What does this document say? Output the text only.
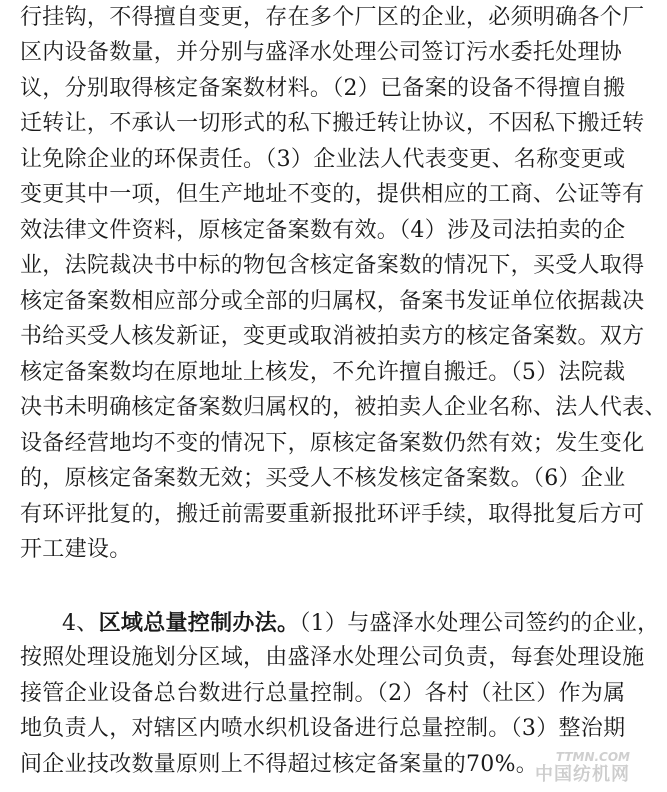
行挂钩，不得擅自变更，存在多个厂区的企业，必须明确各个厂
区内设备数量，并分别与盛泽水处理公司签订污水委托处理协
议，分别取得核定备案数材料。（2）已备案的设备不得擅自搬
迁转让，不承认一切形式的私下搬迁转让协议，不因私下搬迁转
让免除企业的环保责任。（3）企业法人代表变更、名称变更或
变更其中一项，但生产地址不变的，提供相应的工商、公证等有
效法律文件资料，原核定备案数有效。（4）涉及司法拍卖的企
业，法院裁决书中标的物包含核定备案数的情况下，买受人取得
核定备案数相应部分或全部的归属权，备案书发证单位依据裁决
书给买受人核发新证，变更或取消被拍卖方的核定备案数。双方
核定备案数均在原地址上核发，不允许擅自搬迁。（5）法院裁
决书未明确核定备案数归属权的，被拍卖人企业名称、法人代表、
设备经营地均不变的情况下，原核定备案数仍然有效；发生变化
的，原核定备案数无效；买受人不核发核定备案数。（6）企业
有环评批复的，搬迁前需要重新报批环评手续，取得批复后方可
开工建设。
4、区域总量控制办法。（1）与盛泽水处理公司签约的企业，
按照处理设施划分区域，由盛泽水处理公司负责，每套处理设施
接管企业设备总台数进行总量控制。（2）各村（社区）作为属
地负责人，对辖区内喷水织机设备进行总量控制。（3）整治期
间企业技改数量原则上不得超过核定备案量的70%。	TTMN.COM
中国纺机网
